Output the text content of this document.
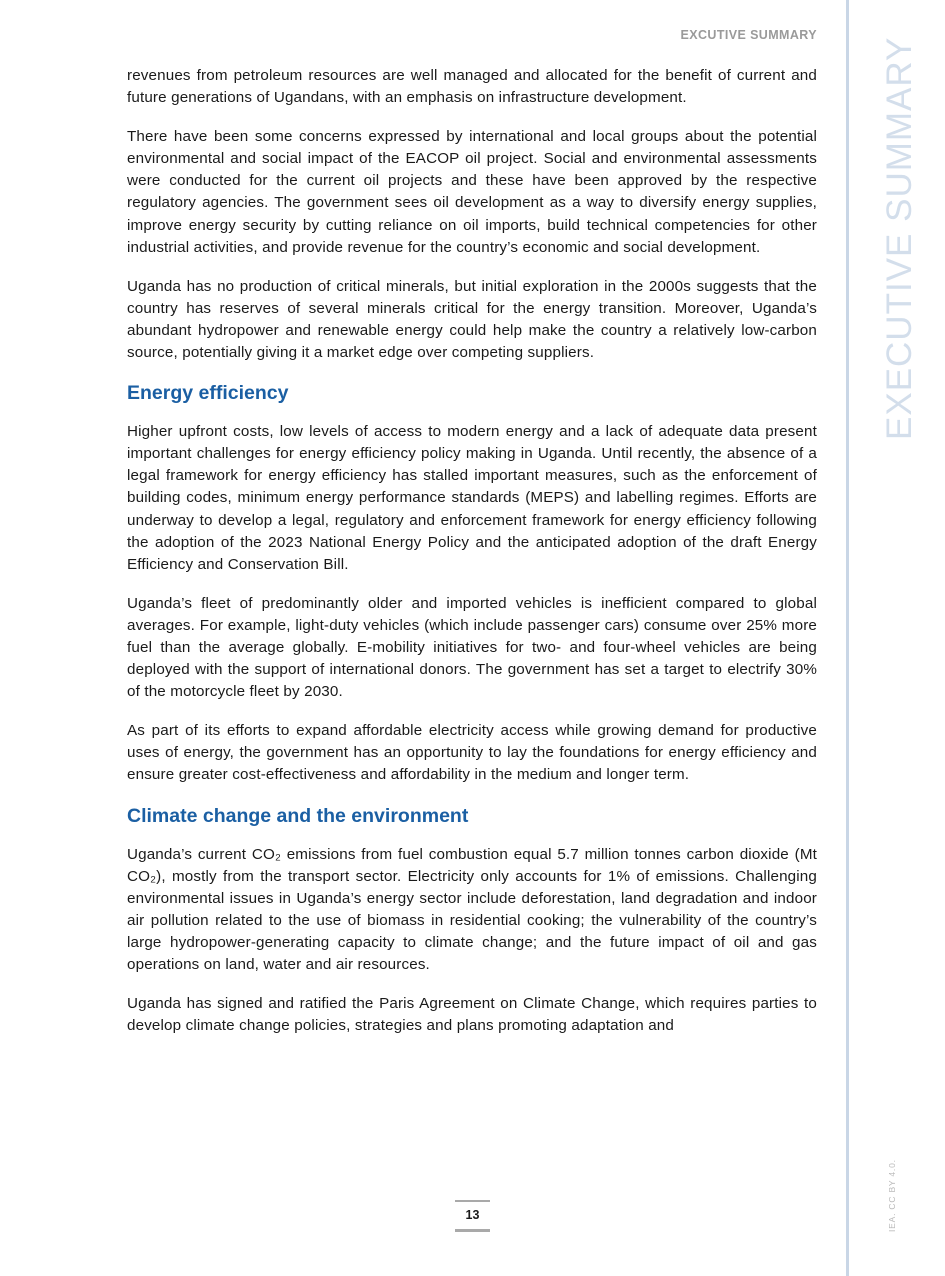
EXCUTIVE SUMMARY
EXECUTIVE SUMMARY
IEA. CC BY 4.0.

revenues from petroleum resources are well managed and allocated for the benefit of current and future generations of Ugandans, with an emphasis on infrastructure development.

There have been some concerns expressed by international and local groups about the potential environmental and social impact of the EACOP oil project. Social and environmental assessments were conducted for the current oil projects and these have been approved by the respective regulatory agencies. The government sees oil development as a way to diversify energy supplies, improve energy security by cutting reliance on oil imports, build technical competencies for other industrial activities, and provide revenue for the country’s economic and social development.

Uganda has no production of critical minerals, but initial exploration in the 2000s suggests that the country has reserves of several minerals critical for the energy transition. Moreover, Uganda’s abundant hydropower and renewable energy could help make the country a relatively low-carbon source, potentially giving it a market edge over competing suppliers.

Energy efficiency

Higher upfront costs, low levels of access to modern energy and a lack of adequate data present important challenges for energy efficiency policy making in Uganda. Until recently, the absence of a legal framework for energy efficiency has stalled important measures, such as the enforcement of building codes, minimum energy performance standards (MEPS) and labelling regimes. Efforts are underway to develop a legal, regulatory and enforcement framework for energy efficiency following the adoption of the 2023 National Energy Policy and the anticipated adoption of the draft Energy Efficiency and Conservation Bill.

Uganda’s fleet of predominantly older and imported vehicles is inefficient compared to global averages. For example, light-duty vehicles (which include passenger cars) consume over 25% more fuel than the average globally. E-mobility initiatives for two- and four-wheel vehicles are being deployed with the support of international donors. The government has set a target to electrify 30% of the motorcycle fleet by 2030.

As part of its efforts to expand affordable electricity access while growing demand for productive uses of energy, the government has an opportunity to lay the foundations for energy efficiency and ensure greater cost-effectiveness and affordability in the medium and longer term.

Climate change and the environment

Uganda’s current CO₂ emissions from fuel combustion equal 5.7 million tonnes carbon dioxide (Mt CO₂), mostly from the transport sector. Electricity only accounts for 1% of emissions. Challenging environmental issues in Uganda’s energy sector include deforestation, land degradation and indoor air pollution related to the use of biomass in residential cooking; the vulnerability of the country’s large hydropower-generating capacity to climate change; and the future impact of oil and gas operations on land, water and air resources.

Uganda has signed and ratified the Paris Agreement on Climate Change, which requires parties to develop climate change policies, strategies and plans promoting adaptation and

13
